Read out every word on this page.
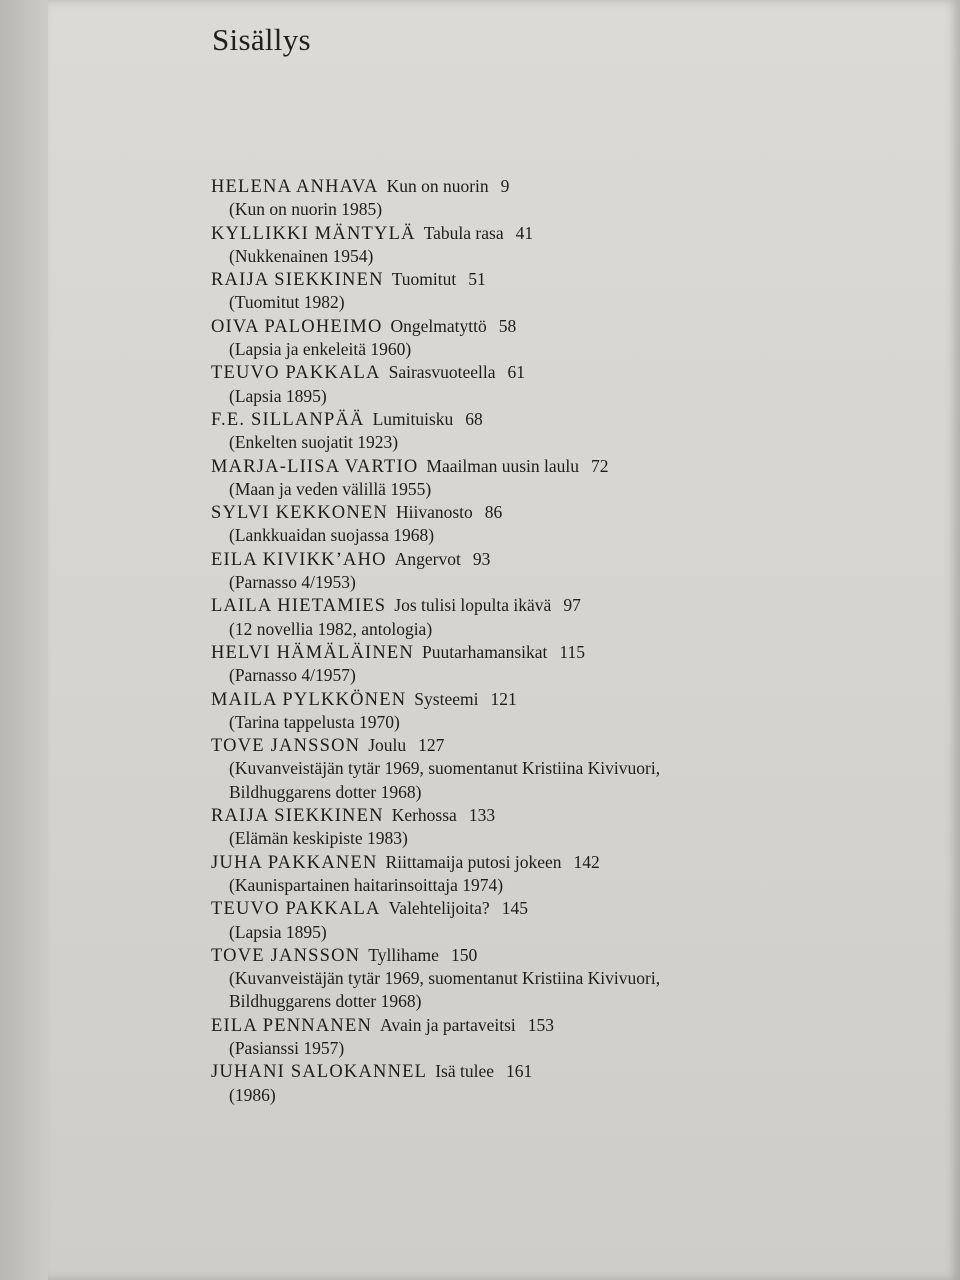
Sisällys
HELENA ANHAVA Kun on nuorin 9
(Kun on nuorin 1985)
KYLLIKKI MÄNTYLÄ Tabula rasa 41
(Nukkenainen 1954)
RAIJA SIEKKINEN Tuomitut 51
(Tuomitut 1982)
OIVA PALOHEIMO Ongelmatyttö 58
(Lapsia ja enkeleitä 1960)
TEUVO PAKKALA Sairasvuoteella 61
(Lapsia 1895)
F.E. SILLANPÄÄ Lumituisku 68
(Enkelten suojatit 1923)
MARJA-LIISA VARTIO Maailman uusin laulu 72
(Maan ja veden välillä 1955)
SYLVI KEKKONEN Hiivanosto 86
(Lankkuaidan suojassa 1968)
EILA KIVIKK’AHO Angervot 93
(Parnasso 4/1953)
LAILA HIETAMIES Jos tulisi lopulta ikävä 97
(12 novellia 1982, antologia)
HELVI HÄMÄLÄINEN Puutarhamansikat 115
(Parnasso 4/1957)
MAILA PYLKKÖNEN Systeemi 121
(Tarina tappelusta 1970)
TOVE JANSSON Joulu 127
(Kuvanveistäjän tytär 1969, suomentanut Kristiina Kivivuori,
Bildhuggarens dotter 1968)
RAIJA SIEKKINEN Kerhossa 133
(Elämän keskipiste 1983)
JUHA PAKKANEN Riittamaija putosi jokeen 142
(Kaunispartainen haitarinsoittaja 1974)
TEUVO PAKKALA Valehtelijoita? 145
(Lapsia 1895)
TOVE JANSSON Tyllihame 150
(Kuvanveistäjän tytär 1969, suomentanut Kristiina Kivivuori,
Bildhuggarens dotter 1968)
EILA PENNANEN Avain ja partaveitsi 153
(Pasianssi 1957)
JUHANI SALOKANNEL Isä tulee 161
(1986)
